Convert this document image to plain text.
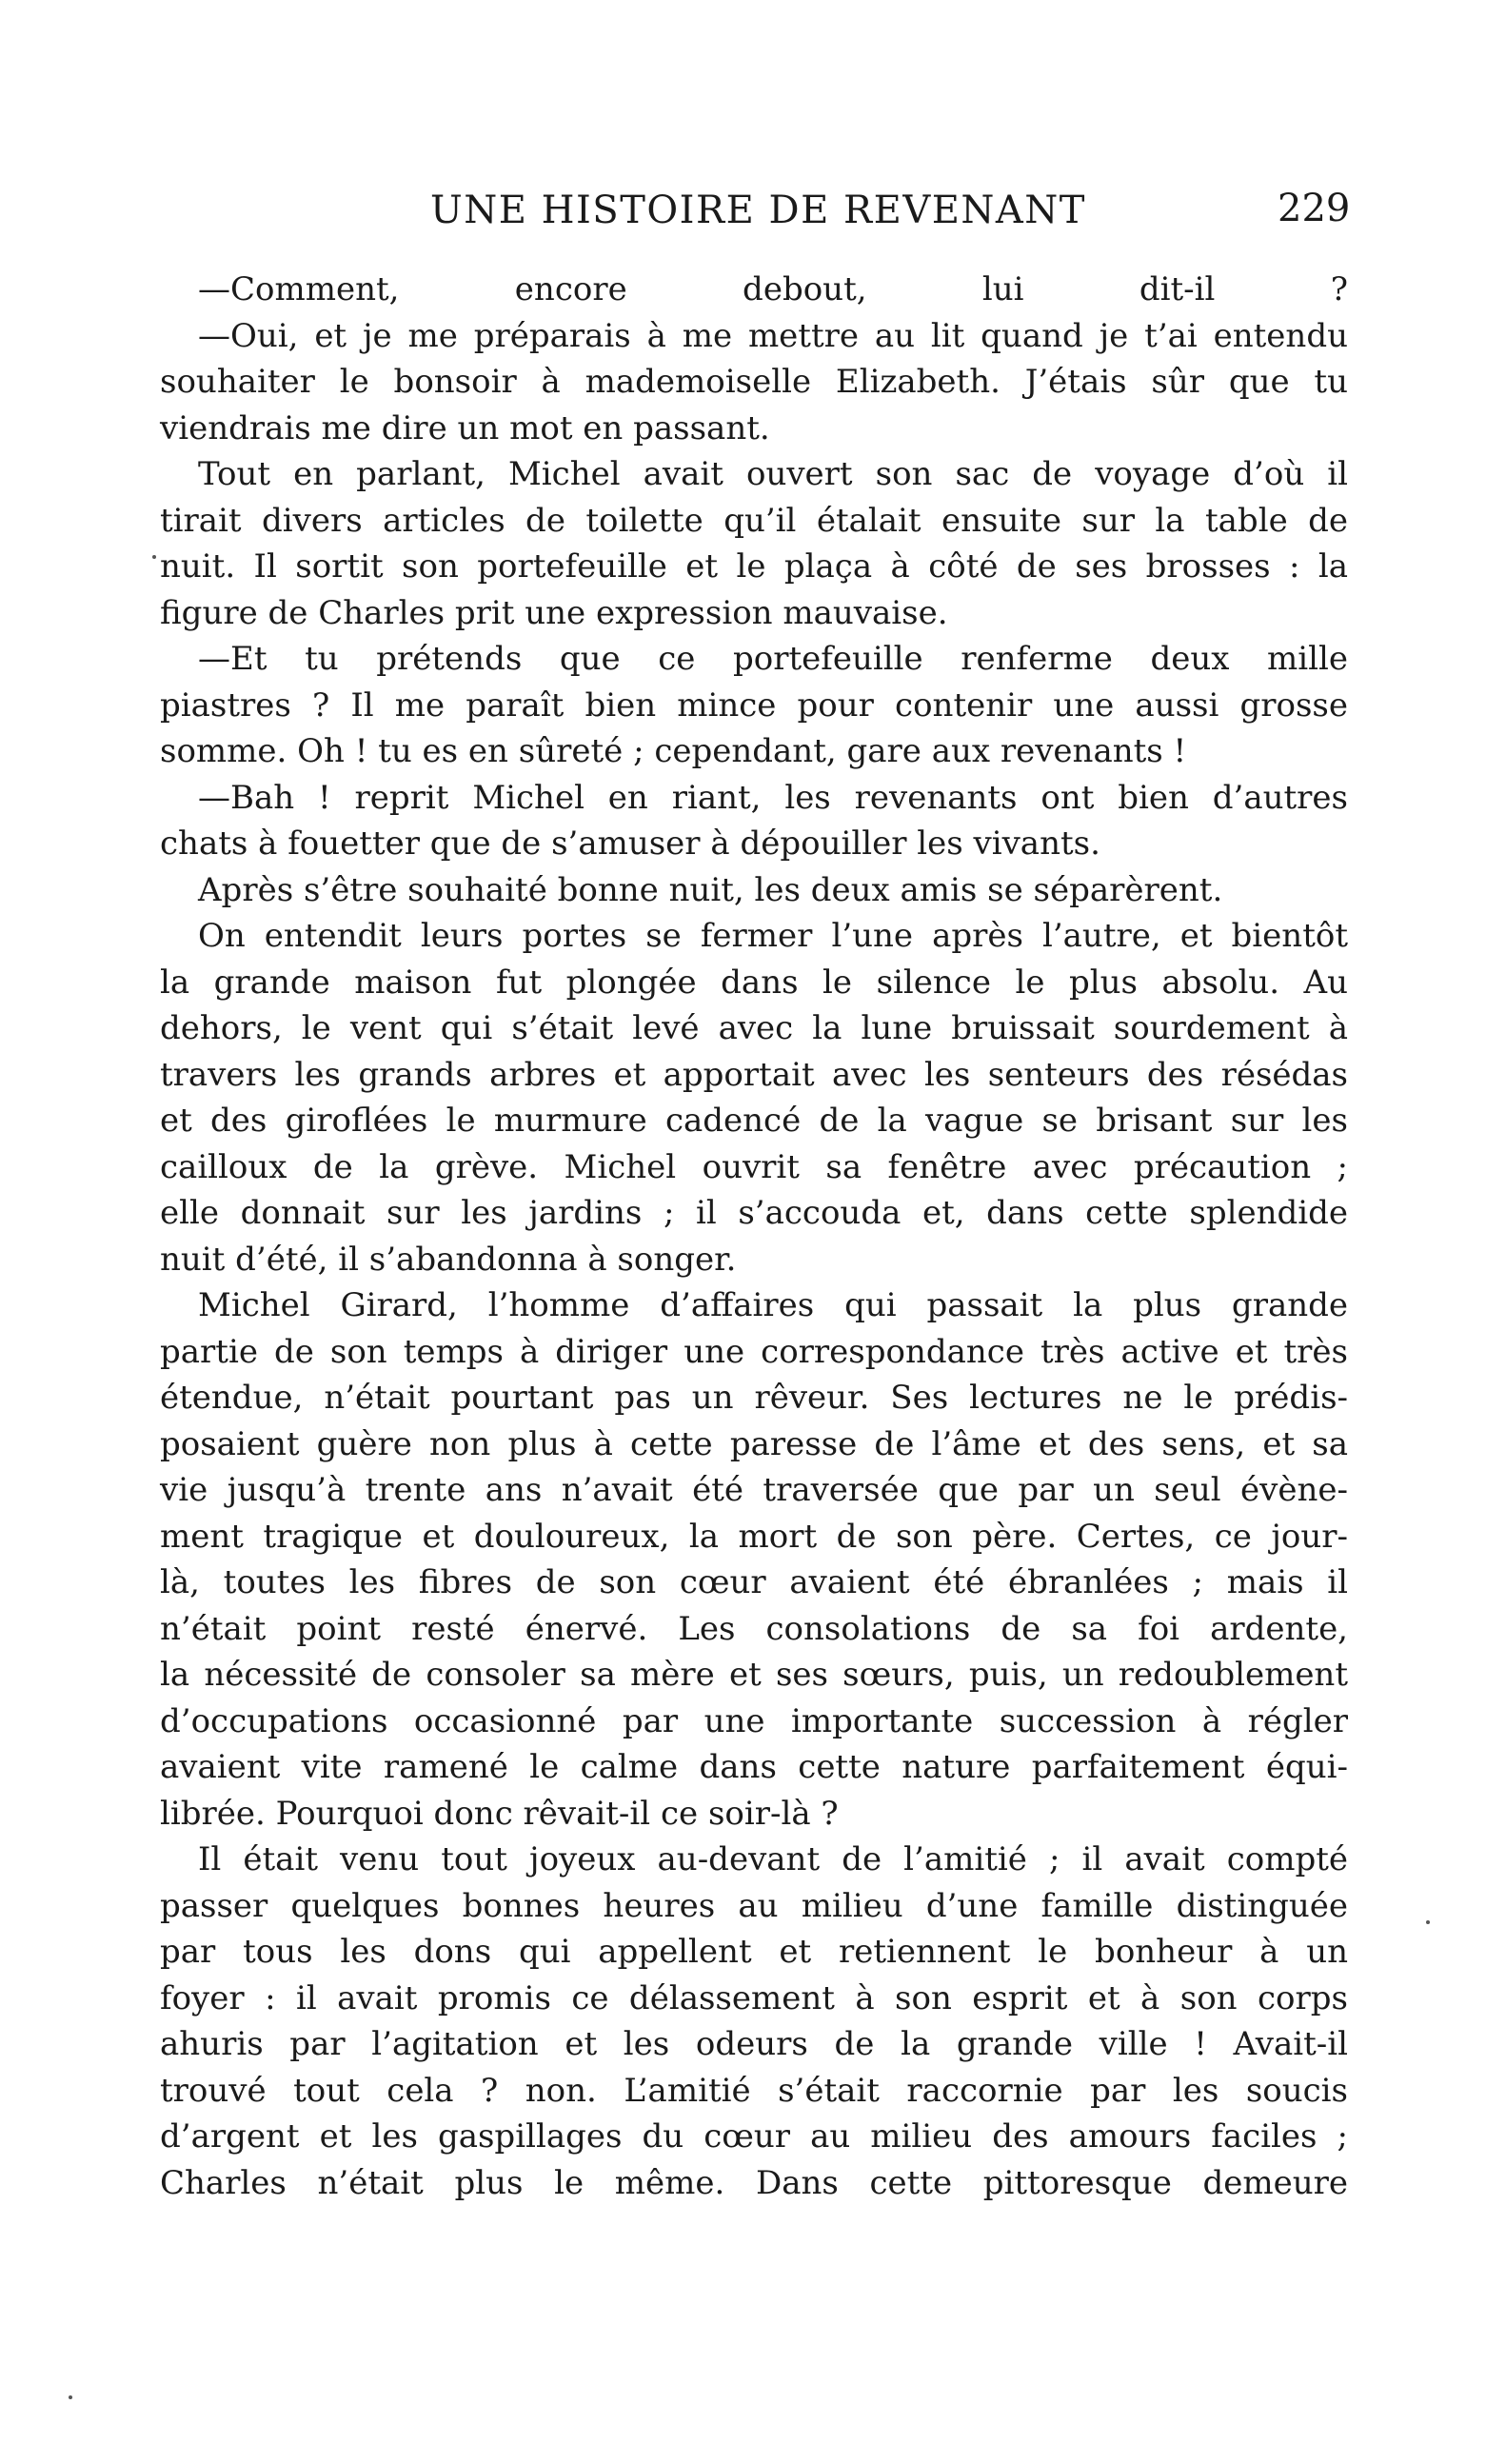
UNE HISTOIRE DE REVENANT	229
—Comment, encore debout, lui dit-il ?
—Oui, et je me préparais à me mettre au lit quand je t’ai entendu
souhaiter le bonsoir à mademoiselle Elizabeth. J’étais sûr que tu
viendrais me dire un mot en passant.
Tout en parlant, Michel avait ouvert son sac de voyage d’où il
tirait divers articles de toilette qu’il étalait ensuite sur la table de
nuit. Il sortit son portefeuille et le plaça à côté de ses brosses : la
figure de Charles prit une expression mauvaise.
—Et tu prétends que ce portefeuille renferme deux mille
piastres ? Il me paraît bien mince pour contenir une aussi grosse
somme. Oh ! tu es en sûreté ; cependant, gare aux revenants !
—Bah ! reprit Michel en riant, les revenants ont bien d’autres
chats à fouetter que de s’amuser à dépouiller les vivants.
Après s’être souhaité bonne nuit, les deux amis se séparèrent.
On entendit leurs portes se fermer l’une après l’autre, et bientôt
la grande maison fut plongée dans le silence le plus absolu. Au
dehors, le vent qui s’était levé avec la lune bruissait sourdement à
travers les grands arbres et apportait avec les senteurs des résédas
et des giroflées le murmure cadencé de la vague se brisant sur les
cailloux de la grève. Michel ouvrit sa fenêtre avec précaution ;
elle donnait sur les jardins ; il s’accouda et, dans cette splendide
nuit d’été, il s’abandonna à songer.
Michel Girard, l’homme d’affaires qui passait la plus grande
partie de son temps à diriger une correspondance très active et très
étendue, n’était pourtant pas un rêveur. Ses lectures ne le prédis-
posaient guère non plus à cette paresse de l’âme et des sens, et sa
vie jusqu’à trente ans n’avait été traversée que par un seul évène-
ment tragique et douloureux, la mort de son père. Certes, ce jour-
là, toutes les fibres de son cœur avaient été ébranlées ; mais il
n’était point resté énervé. Les consolations de sa foi ardente,
la nécessité de consoler sa mère et ses sœurs, puis, un redoublement
d’occupations occasionné par une importante succession à régler
avaient vite ramené le calme dans cette nature parfaitement équi-
librée. Pourquoi donc rêvait-il ce soir-là ?
Il était venu tout joyeux au-devant de l’amitié ; il avait compté
passer quelques bonnes heures au milieu d’une famille distinguée
par tous les dons qui appellent et retiennent le bonheur à un
foyer : il avait promis ce délassement à son esprit et à son corps
ahuris par l’agitation et les odeurs de la grande ville ! Avait-il
trouvé tout cela ? non. L’amitié s’était raccornie par les soucis
d’argent et les gaspillages du cœur au milieu des amours faciles ;
Charles n’était plus le même. Dans cette pittoresque demeure
